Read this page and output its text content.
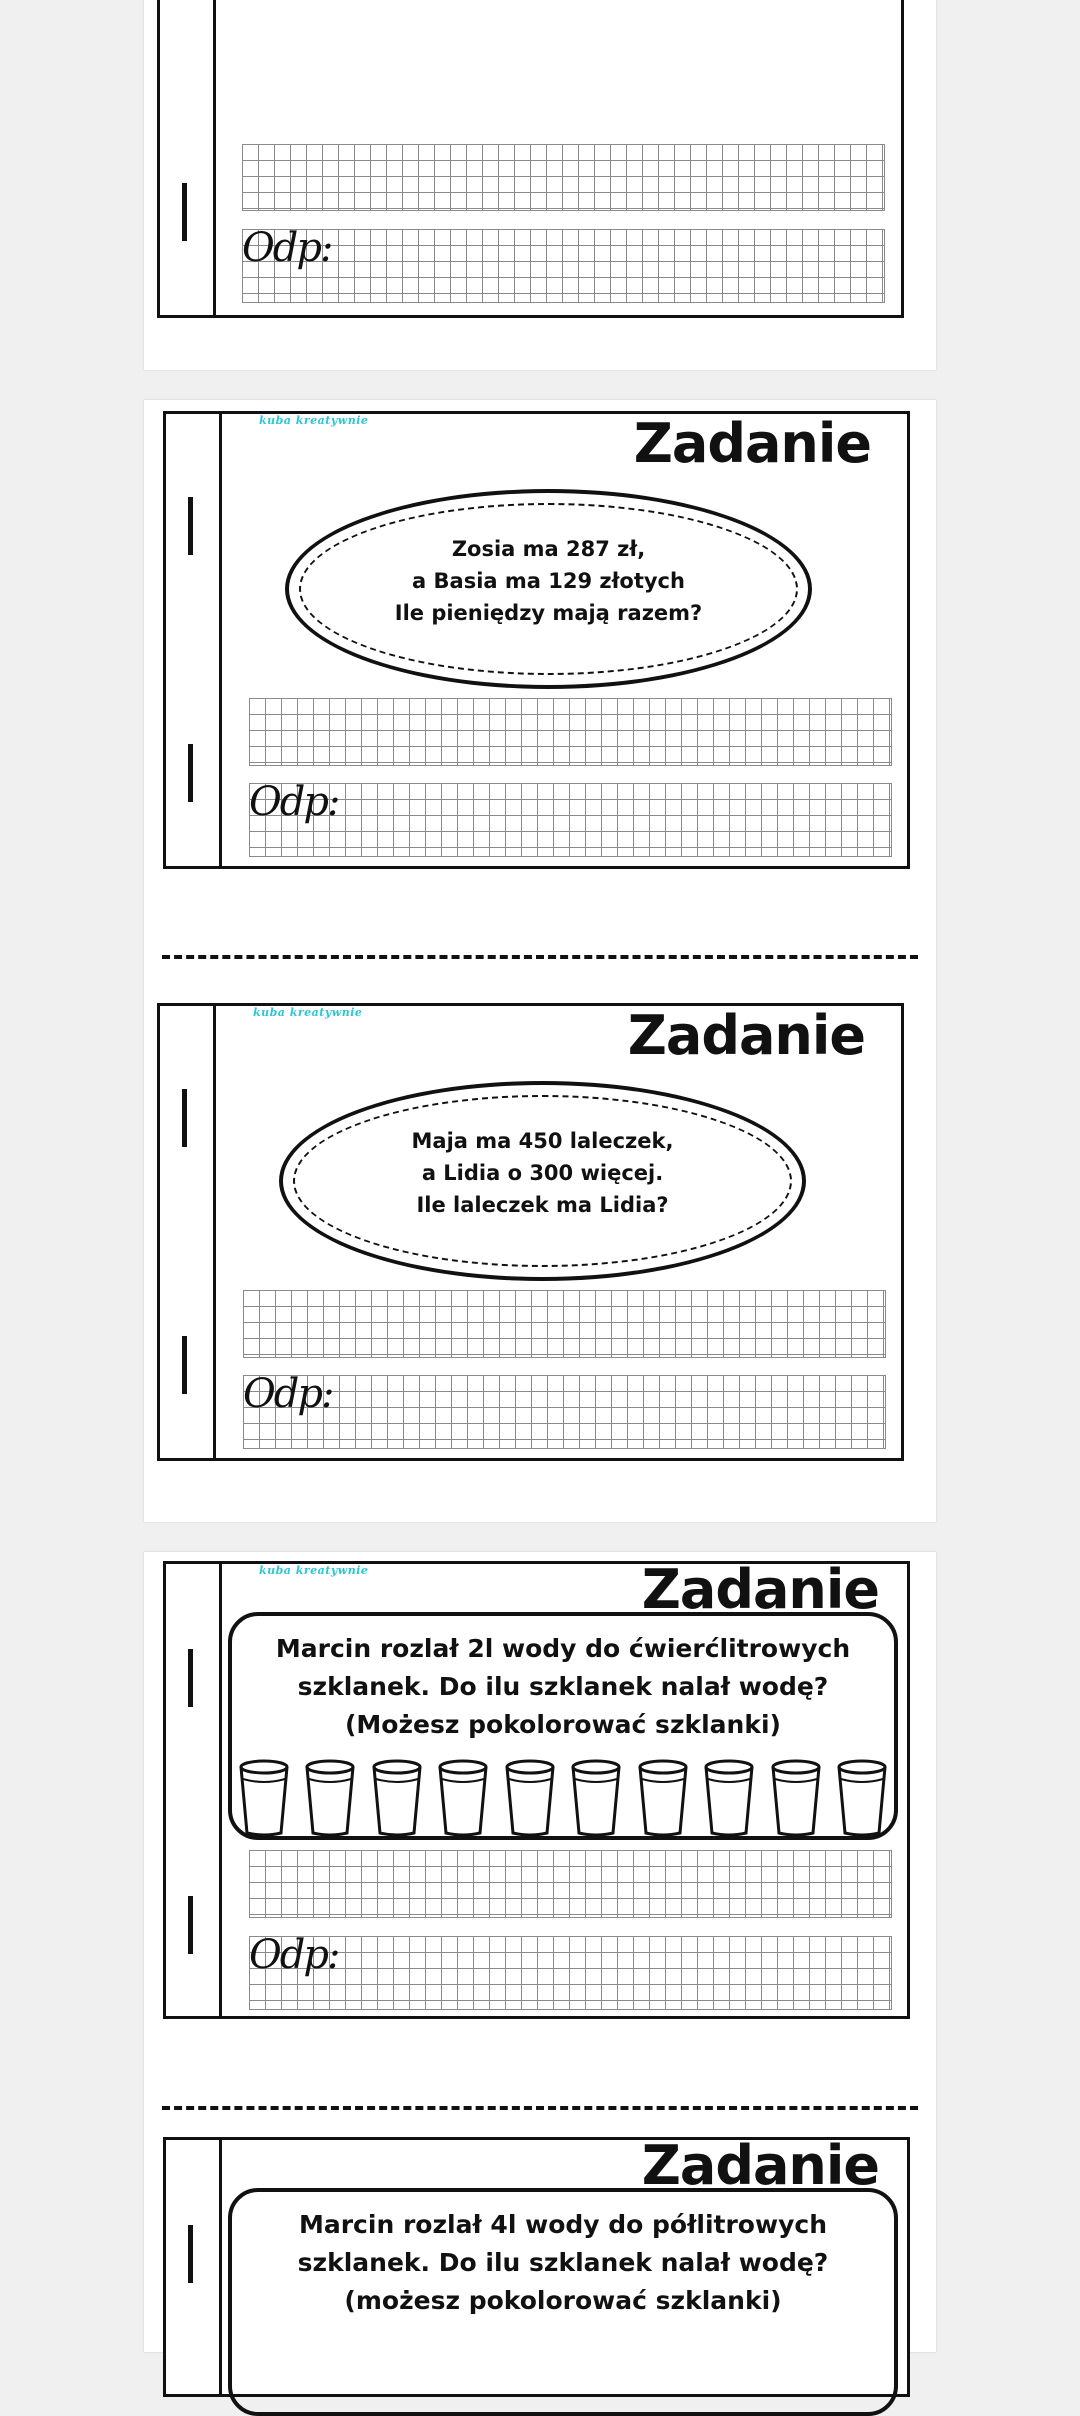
Odp:
kuba kreatywnie	Zadanie
Zosia ma 287 zł,
a Basia ma 129 złotych
Ile pieniędzy mają razem?
Odp:
kuba kreatywnie	Zadanie
Maja ma 450 laleczek,
a Lidia o 300 więcej.
Ile laleczek ma Lidia?
Odp:
kuba kreatywnie	Zadanie
Marcin rozlał 2l wody do ćwierćlitrowych
szklanek. Do ilu szklanek nalał wodę?
(Możesz pokolorować szklanki)
Odp:
Zadanie
Marcin rozlał 4l wody do półlitrowych
szklanek. Do ilu szklanek nalał wodę?
(możesz pokolorować szklanki)
